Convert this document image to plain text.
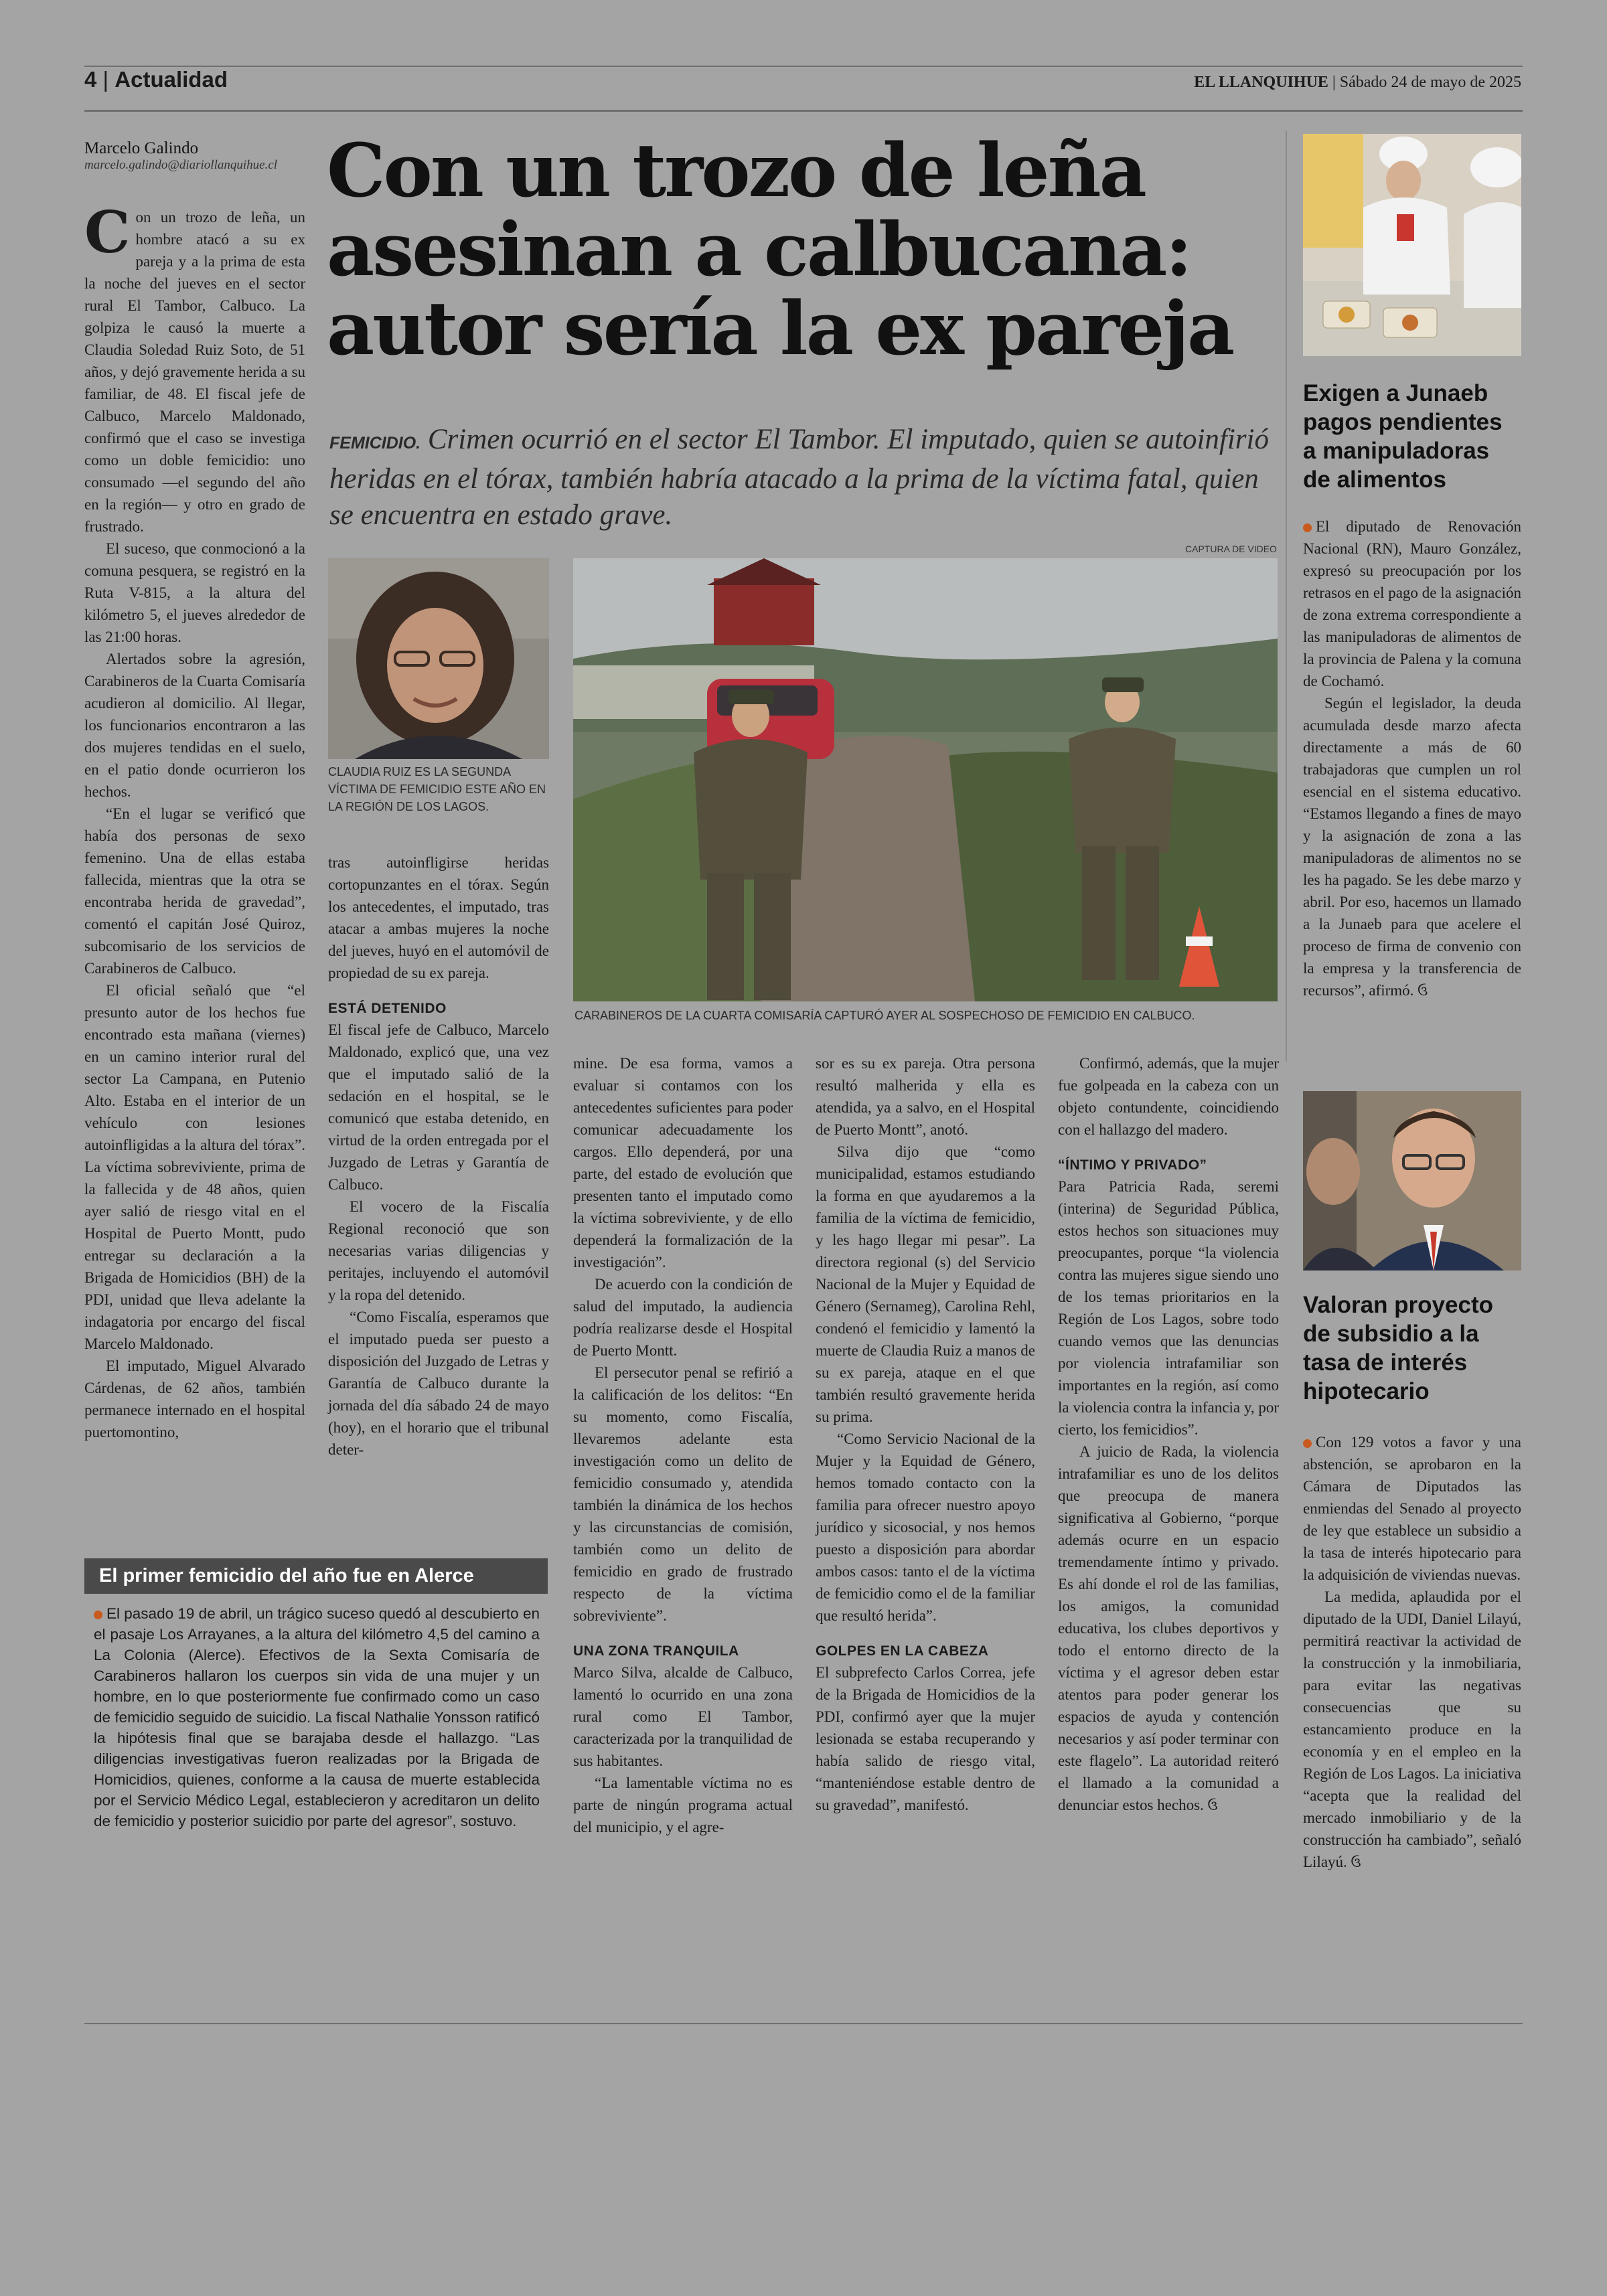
4 | Actualidad	EL LLANQUIHUE | Sábado 24 de mayo de 2025
Marcelo Galindo
marcelo.galindo@diariollanquihue.cl Con un trozo de leña
asesinan a calbucana:
autor sería la ex pareja
FEMICIDIO. Crimen ocurrió en el sector El Tambor. El imputado, quien se autoinfirió heridas en el tórax, también habría atacado a la prima de la víctima fatal, quien se encuentra en estado grave.

Con un trozo de leña, un hombre atacó a su ex pareja y a la prima de esta la noche del jueves en el sector rural El Tambor, Calbuco. La golpiza le causó la muerte a Claudia Soledad Ruiz Soto, de 51 años, y dejó gravemente herida a su familiar, de 48. El fiscal jefe de Calbuco, Marcelo Maldonado, confirmó que el caso se investiga como un doble femicidio: uno consumado —el segundo del año en la región— y otro en grado de frustrado.

El suceso, que conmocionó a la comuna pesquera, se registró en la Ruta V-815, a la altura del kilómetro 5, el jueves alrededor de las 21:00 horas.

Alertados sobre la agresión, Carabineros de la Cuarta Comisaría acudieron al domicilio. Al llegar, los funcionarios encontraron a las dos mujeres tendidas en el suelo, en el patio donde ocurrieron los hechos.

“En el lugar se verificó que había dos personas de sexo femenino. Una de ellas estaba fallecida, mientras que la otra se encontraba herida de gravedad”, comentó el capitán José Quiroz, subcomisario de los servicios de Carabineros de Calbuco.

El oficial señaló que “el presunto autor de los hechos fue encontrado esta mañana (viernes) en un camino interior rural del sector La Campana, en Putenio Alto. Estaba en el interior de un vehículo con lesiones autoinfligidas a la altura del tórax”. La víctima sobreviviente, prima de la fallecida y de 48 años, quien ayer salió de riesgo vital en el Hospital de Puerto Montt, pudo entregar su declaración a la Brigada de Homicidios (BH) de la PDI, unidad que lleva adelante la indagatoria por encargo del fiscal Marcelo Maldonado.

El imputado, Miguel Alvarado Cárdenas, de 62 años, también permanece internado en el hospital puertomontino,

CLAUDIA RUIZ ES LA SEGUNDA VÍCTIMA DE FEMICIDIO ESTE AÑO EN LA REGIÓN DE LOS LAGOS.
CAPTURA DE VIDEO
CARABINEROS DE LA CUARTA COMISARÍA CAPTURÓ AYER AL SOSPECHOSO DE FEMICIDIO EN CALBUCO.

tras autoinfligirse heridas cortopunzantes en el tórax. Según los antecedentes, el imputado, tras atacar a ambas mujeres la noche del jueves, huyó en el automóvil de propiedad de su ex pareja.

ESTÁ DETENIDO

El fiscal jefe de Calbuco, Marcelo Maldonado, explicó que, una vez que el imputado salió de la sedación en el hospital, se le comunicó que estaba detenido, en virtud de la orden entregada por el Juzgado de Letras y Garantía de Calbuco.

El vocero de la Fiscalía Regional reconoció que son necesarias varias diligencias y peritajes, incluyendo el automóvil y la ropa del detenido.

“Como Fiscalía, esperamos que el imputado pueda ser puesto a disposición del Juzgado de Letras y Garantía de Calbuco durante la jornada del día sábado 24 de mayo (hoy), en el horario que el tribunal deter-

mine. De esa forma, vamos a evaluar si contamos con los antecedentes suficientes para poder comunicar adecuadamente los cargos. Ello dependerá, por una parte, del estado de evolución que presenten tanto el imputado como la víctima sobreviviente, y de ello dependerá la formalización de la investigación”.

De acuerdo con la condición de salud del imputado, la audiencia podría realizarse desde el Hospital de Puerto Montt.

El persecutor penal se refirió a la calificación de los delitos: “En su momento, como Fiscalía, llevaremos adelante esta investigación como un delito de femicidio consumado y, atendida también la dinámica de los hechos y las circunstancias de comisión, también como un delito de femicidio en grado de frustrado respecto de la víctima sobreviviente”.

UNA ZONA TRANQUILA

Marco Silva, alcalde de Calbuco, lamentó lo ocurrido en una zona rural como El Tambor, caracterizada por la tranquilidad de sus habitantes.

“La lamentable víctima no es parte de ningún programa actual del municipio, y el agre-

sor es su ex pareja. Otra persona resultó malherida y ella es atendida, ya a salvo, en el Hospital de Puerto Montt”, anotó.

Silva dijo que “como municipalidad, estamos estudiando la forma en que ayudaremos a la familia de la víctima de femicidio, y les hago llegar mi pesar”. La directora regional (s) del Servicio Nacional de la Mujer y Equidad de Género (Sernameg), Carolina Rehl, condenó el femicidio y lamentó la muerte de Claudia Ruiz a manos de su ex pareja, ataque en el que también resultó gravemente herida su prima.

“Como Servicio Nacional de la Mujer y la Equidad de Género, hemos tomado contacto con la familia para ofrecer nuestro apoyo jurídico y sicosocial, y nos hemos puesto a disposición para abordar ambos casos: tanto el de la víctima de femicidio como el de la familiar que resultó herida”.

GOLPES EN LA CABEZA

El subprefecto Carlos Correa, jefe de la Brigada de Homicidios de la PDI, confirmó ayer que la mujer lesionada se estaba recuperando y había salido de riesgo vital, “manteniéndose estable dentro de su gravedad”, manifestó.

Confirmó, además, que la mujer fue golpeada en la cabeza con un objeto contundente, coincidiendo con el hallazgo del madero.

“ÍNTIMO Y PRIVADO”

Para Patricia Rada, seremi (interina) de Seguridad Pública, estos hechos son situaciones muy preocupantes, porque “la violencia contra las mujeres sigue siendo uno de los temas prioritarios en la Región de Los Lagos, sobre todo cuando vemos que las denuncias por violencia intrafamiliar son importantes en la región, así como la violencia contra la infancia y, por cierto, los femicidios”.

A juicio de Rada, la violencia intrafamiliar es uno de los delitos que preocupa de manera significativa al Gobierno, “porque además ocurre en un espacio tremendamente íntimo y privado. Es ahí donde el rol de las familias, los amigos, la comunidad educativa, los clubes deportivos y todo el entorno directo de la víctima y el agresor deben estar atentos para poder generar los espacios de ayuda y contención necesarios y así poder terminar con este flagelo”. La autoridad reiteró el llamado a la comunidad a denunciar estos hechos. ઉ

El primer femicidio del año fue en Alerce
El pasado 19 de abril, un trágico suceso quedó al descubierto en el pasaje Los Arrayanes, a la altura del kilómetro 4,5 del camino a La Colonia (Alerce). Efectivos de la Sexta Comisaría de Carabineros hallaron los cuerpos sin vida de una mujer y un hombre, en lo que posteriormente fue confirmado como un caso de femicidio seguido de suicidio. La fiscal Nathalie Yonsson ratificó la hipótesis final que se barajaba desde el hallazgo. “Las diligencias investigativas fueron realizadas por la Brigada de Homicidios, quienes, conforme a la causa de muerte establecida por el Servicio Médico Legal, establecieron y acreditaron un delito de femicidio y posterior suicidio por parte del agresor”, sostuvo.
Exigen a Junaeb pagos pendientes a manipuladoras de alimentos

El diputado de Renovación Nacional (RN), Mauro González, expresó su preocupación por los retrasos en el pago de la asignación de zona extrema correspondiente a las manipuladoras de alimentos de la provincia de Palena y la comuna de Cochamó.

Según el legislador, la deuda acumulada desde marzo afecta directamente a más de 60 trabajadoras que cumplen un rol esencial en el sistema educativo. “Estamos llegando a fines de mayo y la asignación de zona a las manipuladoras de alimentos no se les ha pagado. Se les debe marzo y abril. Por eso, hacemos un llamado a la Junaeb para que acelere el proceso de firma de convenio con la empresa y la transferencia de recursos”, afirmó. ઉ

Valoran proyecto de subsidio a la tasa de interés hipotecario

Con 129 votos a favor y una abstención, se aprobaron en la Cámara de Diputados las enmiendas del Senado al proyecto de ley que establece un subsidio a la tasa de interés hipotecario para la adquisición de viviendas nuevas.

La medida, aplaudida por el diputado de la UDI, Daniel Lilayú, permitirá reactivar la actividad de la construcción y la inmobiliaria, para evitar las negativas consecuencias que su estancamiento produce en la economía y en el empleo en la Región de Los Lagos. La iniciativa “acepta que la realidad del mercado inmobiliario y de la construcción ha cambiado”, señaló Lilayú. ઉ
